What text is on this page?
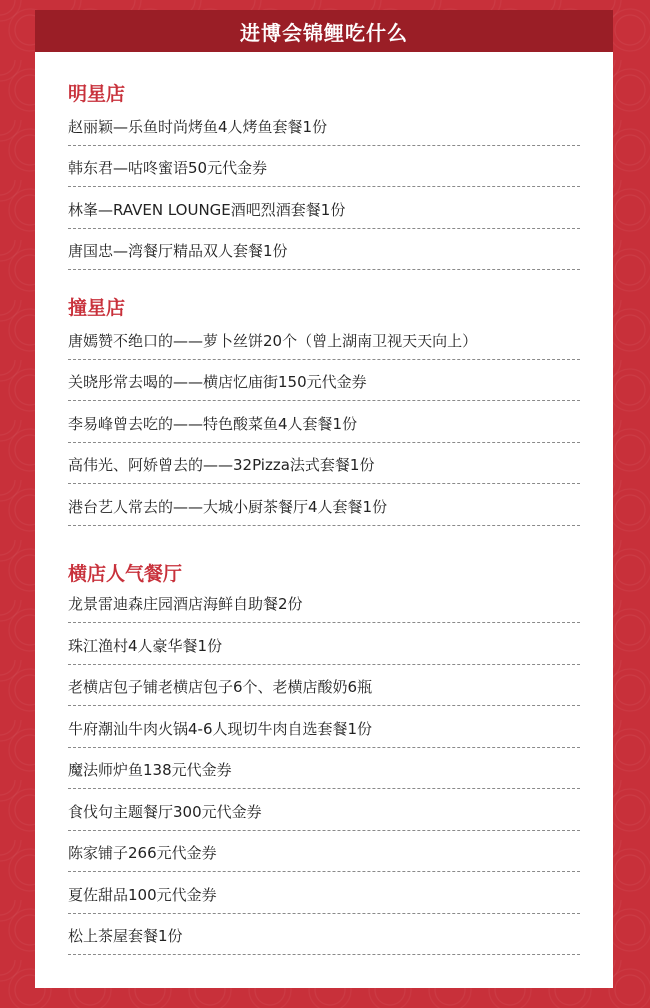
进博会锦鲤吃什么
明星店
赵丽颖—乐鱼时尚烤鱼4人烤鱼套餐1份
韩东君—咕咚蜜语50元代金券
林峯—RAVEN LOUNGE酒吧烈酒套餐1份
唐国忠—湾餐厅精品双人套餐1份
撞星店
唐嫣赞不绝口的——萝卜丝饼20个（曾上湖南卫视天天向上）
关晓彤常去喝的——横店忆庙街150元代金券
李易峰曾去吃的——特色酸菜鱼4人套餐1份
高伟光、阿娇曾去的——32Pizza法式套餐1份
港台艺人常去的——大城小厨茶餐厅4人套餐1份
横店人气餐厅
龙景雷迪森庄园酒店海鲜自助餐2份
珠江渔村4人豪华餐1份
老横店包子铺老横店包子6个、老横店酸奶6瓶
牛府潮汕牛肉火锅4-6人现切牛肉自选套餐1份
魔法师炉鱼138元代金券
食伐句主题餐厅300元代金券
陈家铺子266元代金券
夏佐甜品100元代金券
松上茶屋套餐1份
